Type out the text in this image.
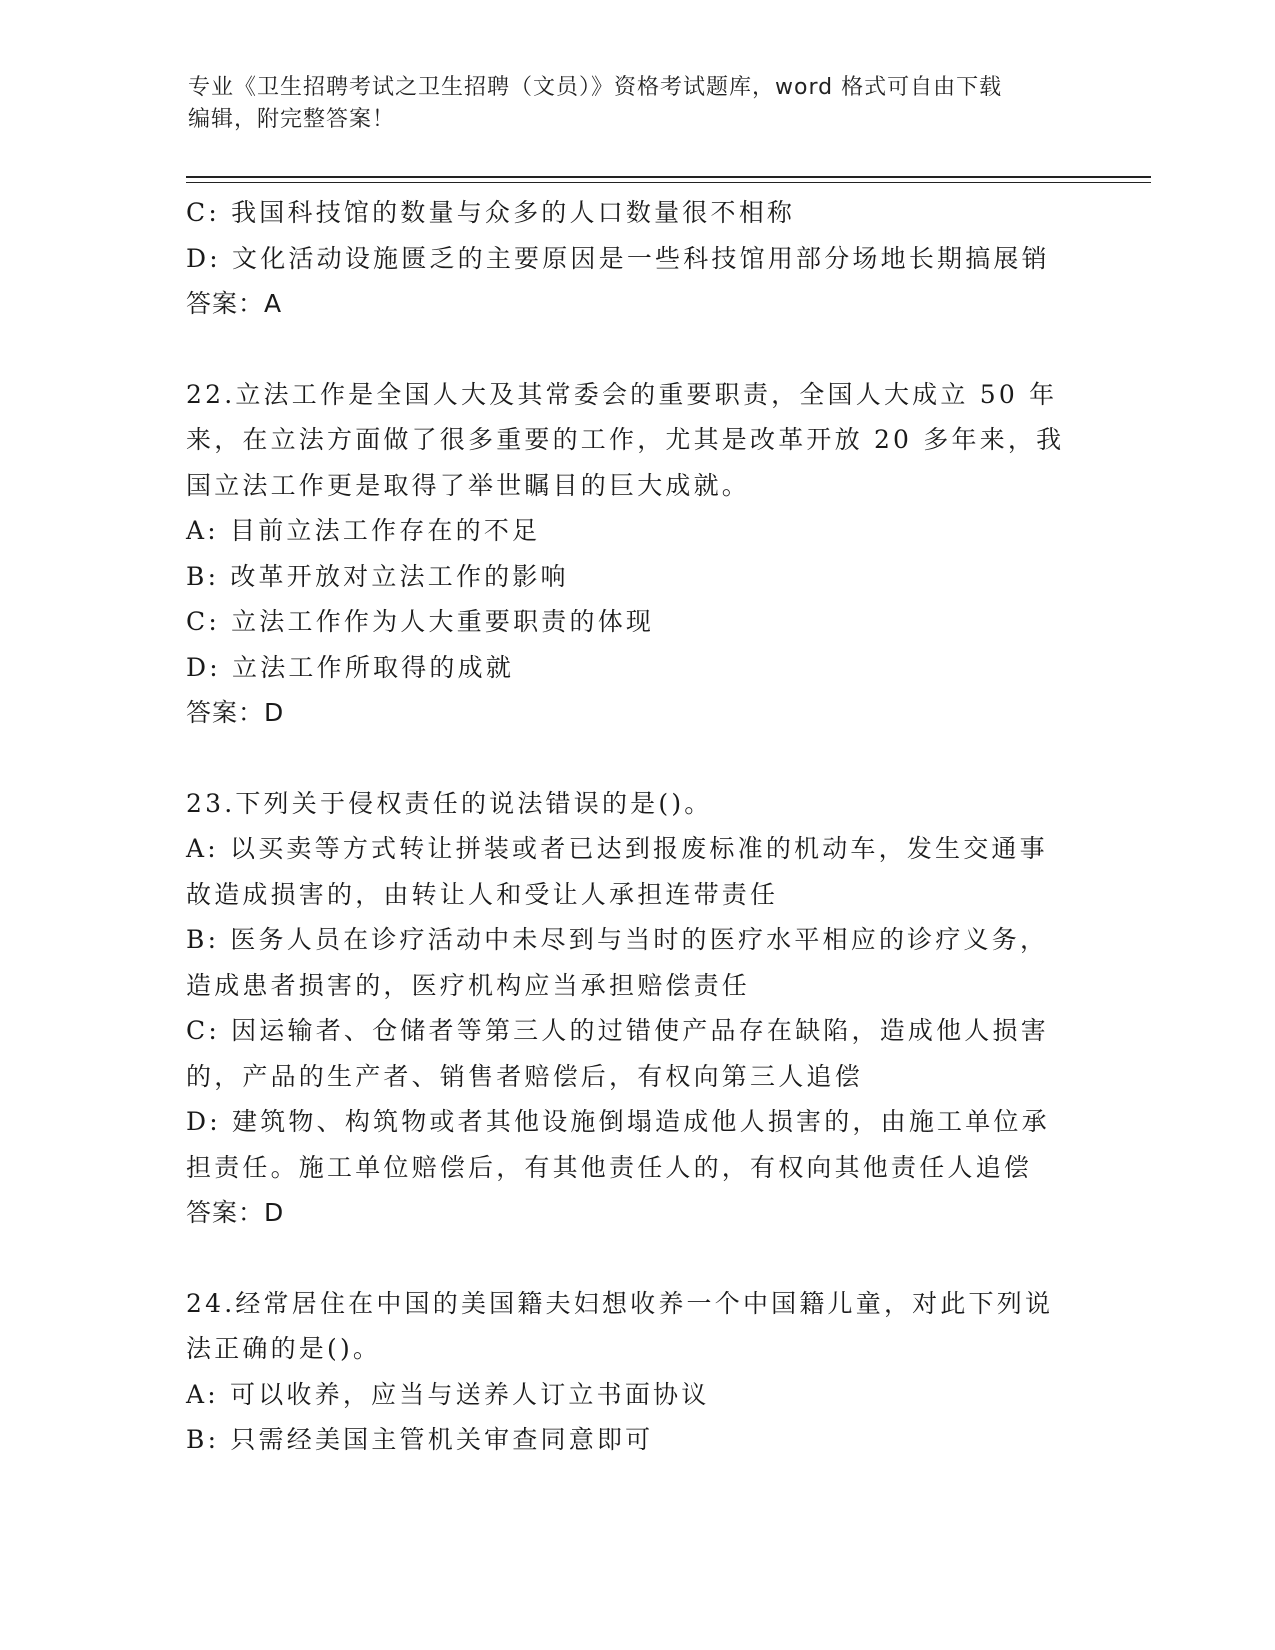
专业《卫生招聘考试之卫生招聘（文员）》资格考试题库，word 格式可自由下载
编辑，附完整答案！
C: 我国科技馆的数量与众多的人口数量很不相称
D: 文化活动设施匮乏的主要原因是一些科技馆用部分场地长期搞展销
答案：A
22.立法工作是全国人大及其常委会的重要职责，全国人大成立 50 年
来，在立法方面做了很多重要的工作，尤其是改革开放 20 多年来，我
国立法工作更是取得了举世瞩目的巨大成就。
A: 目前立法工作存在的不足
B: 改革开放对立法工作的影响
C: 立法工作作为人大重要职责的体现
D: 立法工作所取得的成就
答案：D
23.下列关于侵权责任的说法错误的是()。
A: 以买卖等方式转让拼装或者已达到报废标准的机动车，发生交通事
故造成损害的，由转让人和受让人承担连带责任
B: 医务人员在诊疗活动中未尽到与当时的医疗水平相应的诊疗义务，
造成患者损害的，医疗机构应当承担赔偿责任
C: 因运输者、仓储者等第三人的过错使产品存在缺陷，造成他人损害
的，产品的生产者、销售者赔偿后，有权向第三人追偿
D: 建筑物、构筑物或者其他设施倒塌造成他人损害的，由施工单位承
担责任。施工单位赔偿后，有其他责任人的，有权向其他责任人追偿
答案：D
24.经常居住在中国的美国籍夫妇想收养一个中国籍儿童，对此下列说
法正确的是()。
A: 可以收养，应当与送养人订立书面协议
B: 只需经美国主管机关审查同意即可
